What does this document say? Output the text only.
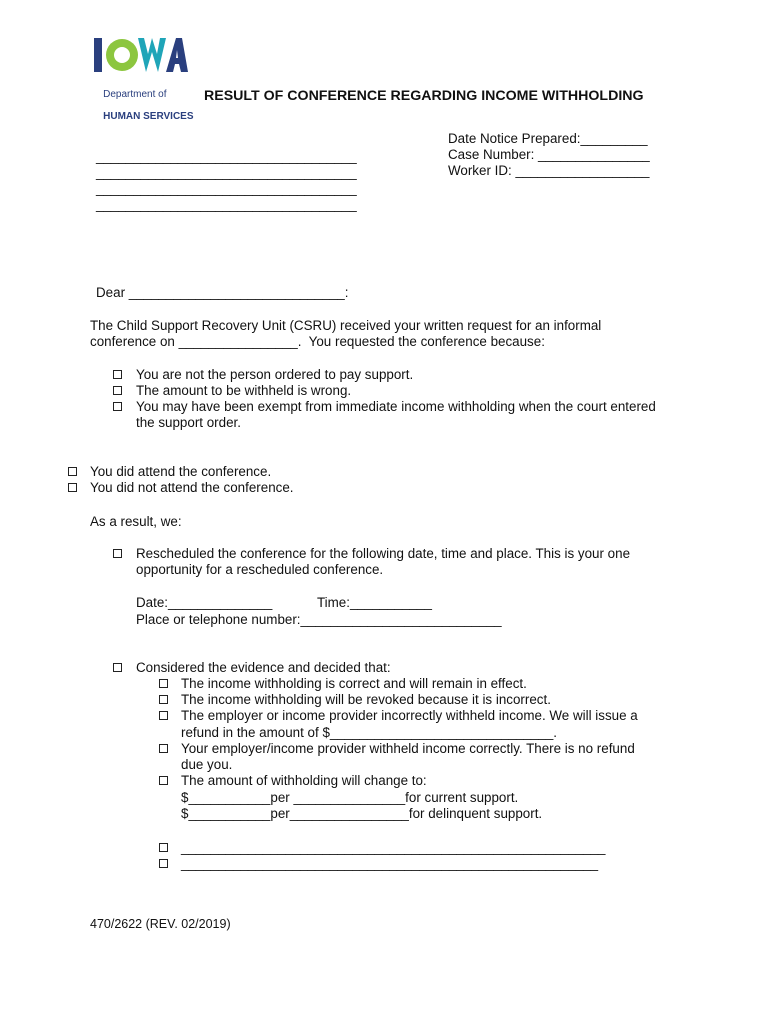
Department of

HUMAN SERVICES

RESULT OF CONFERENCE REGARDING INCOME WITHHOLDING
Date Notice Prepared:_________
Case Number: _______________
Worker ID: __________________
___________________________________
___________________________________
___________________________________
___________________________________
Dear _____________________________:
The Child Support Recovery Unit (CSRU) received your written request for an informal
conference on ________________.  You requested the conference because:
You are not the person ordered to pay support.
The amount to be withheld is wrong.
You may have been exempt from immediate income withholding when the court entered
the support order.
You did attend the conference.
You did not attend the conference.
As a result, we:
Rescheduled the conference for the following date, time and place. This is your one
opportunity for a rescheduled conference.
Date:______________	Time:___________
Place or telephone number:___________________________
Considered the evidence and decided that:
The income withholding is correct and will remain in effect.
The income withholding will be revoked because it is incorrect.
The employer or income provider incorrectly withheld income. We will issue a
refund in the amount of $______________________________.
Your employer/income provider withheld income correctly. There is no refund
due you.
The amount of withholding will change to:
$___________per _______________for current support.
$___________per________________for delinquent support.
_________________________________________________________
________________________________________________________
470/2622 (REV. 02/2019)
